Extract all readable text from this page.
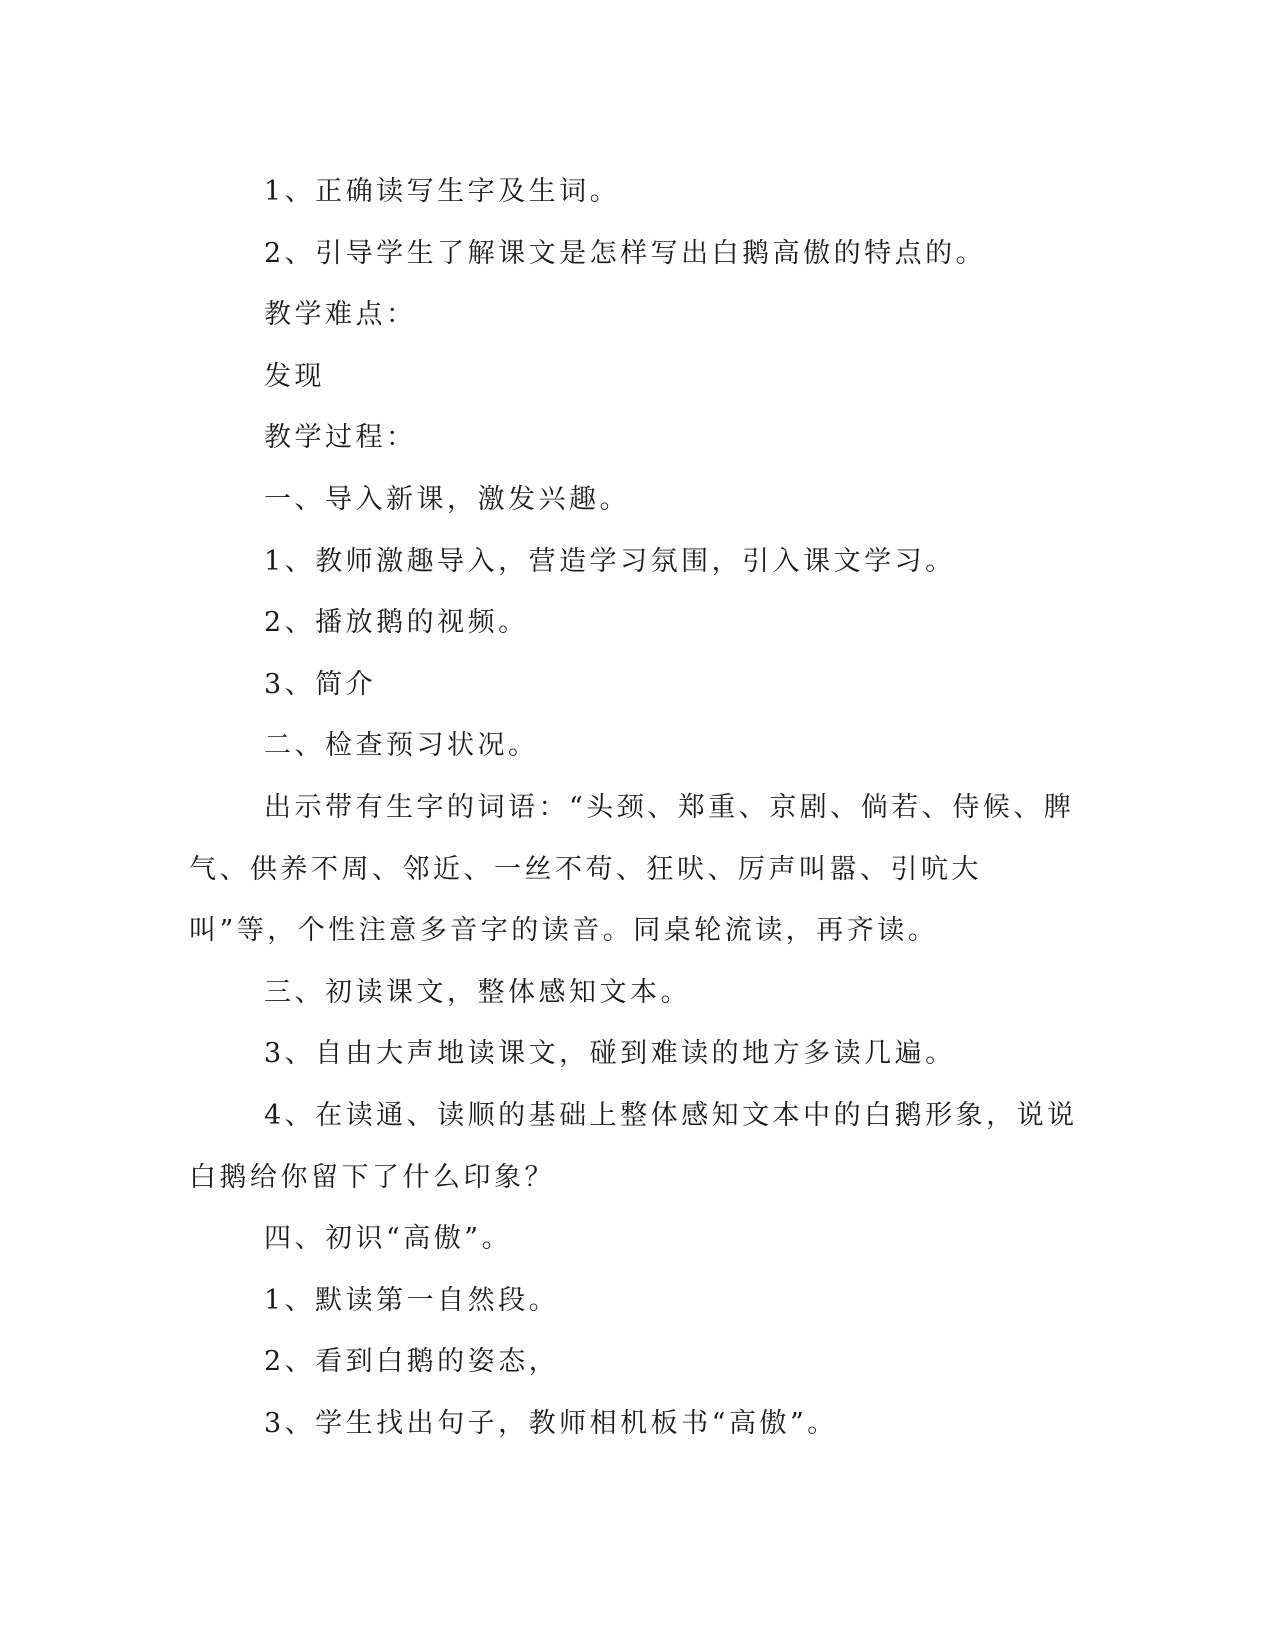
1、正确读写生字及生词。

2、引导学生了解课文是怎样写出白鹅高傲的特点的。

教学难点：

发现

教学过程：

一、导入新课，激发兴趣。

1、教师激趣导入，营造学习氛围，引入课文学习。

2、播放鹅的视频。

3、简介

二、检查预习状况。

出示带有生字的词语：“头颈、郑重、京剧、倘若、侍候、脾气、供养不周、邻近、一丝不苟、狂吠、厉声叫嚣、引吭大叫”等，个性注意多音字的读音。同桌轮流读，再齐读。

三、初读课文，整体感知文本。

3、自由大声地读课文，碰到难读的地方多读几遍。

4、在读通、读顺的基础上整体感知文本中的白鹅形象，说说白鹅给你留下了什么印象？

四、初识“高傲”。

1、默读第一自然段。

2、看到白鹅的姿态，

3、学生找出句子，教师相机板书“高傲”。
